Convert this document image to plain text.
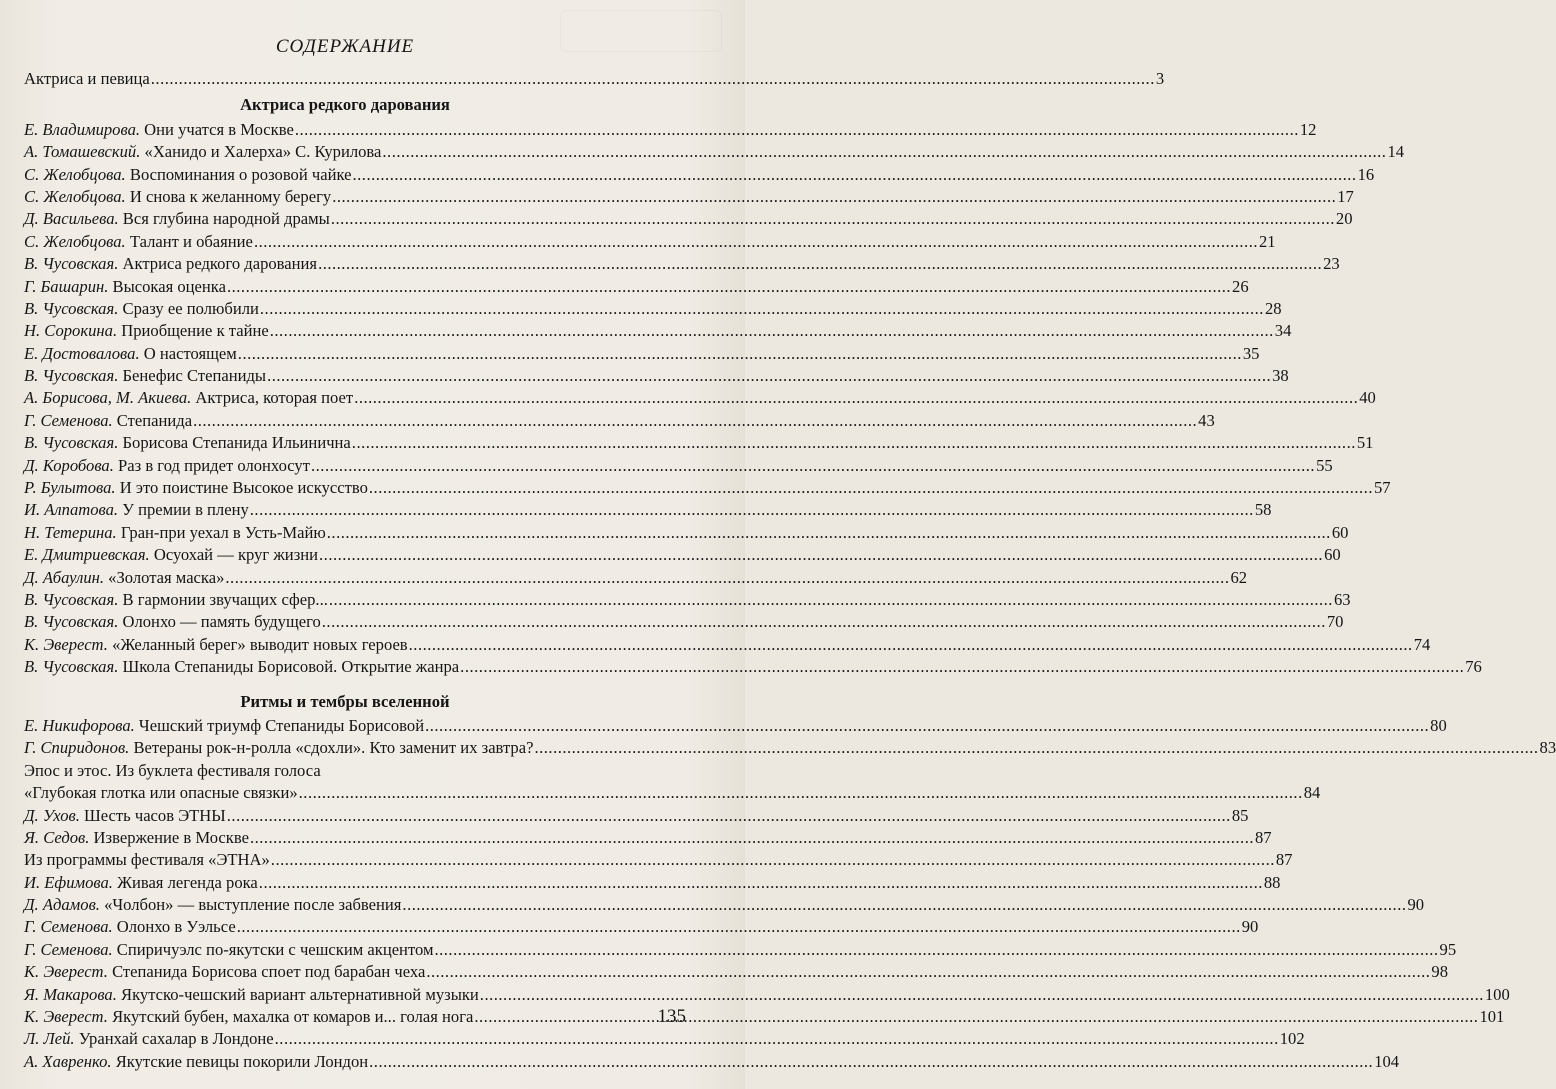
СОДЕРЖАНИЕ
Актриса и певица .....	3
Актриса редкого дарования
Е. Владимирова. Они учатся в Москве .....	12
А. Томашевский. «Ханидо и Халерха» С. Курилова .....	14
С. Желобцова. Воспоминания о розовой чайке .....	16
С. Желобцова. И снова к желанному берегу .....	17
Д. Васильева. Вся глубина народной драмы .....	20
С. Желобцова. Талант и обаяние .....	21
В. Чусовская. Актриса редкого дарования .....	23
Г. Башарин. Высокая оценка .....	26
В. Чусовская. Сразу ее полюбили .....	28
Н. Сорокина. Приобщение к тайне .....	34
Е. Достовалова. О настоящем .....	35
В. Чусовская. Бенефис Степаниды .....	38
А. Борисова, М. Акиева. Актриса, которая поет .....	40
Г. Семенова. Степанида .....	43
В. Чусовская. Борисова Степанида Ильинична .....	51
Д. Коробова. Раз в год придет олонхосут .....	55
Р. Булытова. И это поистине Высокое искусство .....	57
И. Алпатова. У премии в плену .....	58
Н. Тетерина. Гран-при уехал в Усть-Майю .....	60
Е. Дмитриевская. Осуохай — круг жизни .....	60
Д. Абаулин. «Золотая маска» .....	62
В. Чусовская. В гармонии звучащих сфер... .....	63
В. Чусовская. Олонхо — память будущего .....	70
К. Эверест. «Желанный берег» выводит новых героев .....	74
В. Чусовская. Школа Степаниды Борисовой. Открытие жанра .....	76
Ритмы и тембры вселенной
Е. Никифорова. Чешский триумф Степаниды Борисовой .....	80
Г. Спиридонов. Ветераны рок-н-ролла «сдохли». Кто заменит их завтра? .....	83
Эпос и этос. Из буклета фестиваля голоса
«Глубокая глотка или опасные связки» .....	84
Д. Ухов. Шесть часов ЭТНЫ .....	85
Я. Седов. Извержение в Москве .....	87
Из программы фестиваля «ЭТНА» .....	87
И. Ефимова. Живая легенда рока .....	88
Д. Адамов. «Чолбон» — выступление после забвения .....	90
Г. Семенова. Олонхо в Уэльсе .....	90
Г. Семенова. Спиричуэлс по-якутски с чешским акцентом .....	95
К. Эверест. Степанида Борисова споет под барабан чеха .....	98
Я. Макарова. Якутско-чешский вариант альтернативной музыки .....	100
К. Эверест. Якутский бубен, махалка от комаров и... голая нога .....	101
Л. Лей. Уранхай сахалар в Лондоне .....	102
А. Хавренко. Якутские певицы покорили Лондон .....	104
135
